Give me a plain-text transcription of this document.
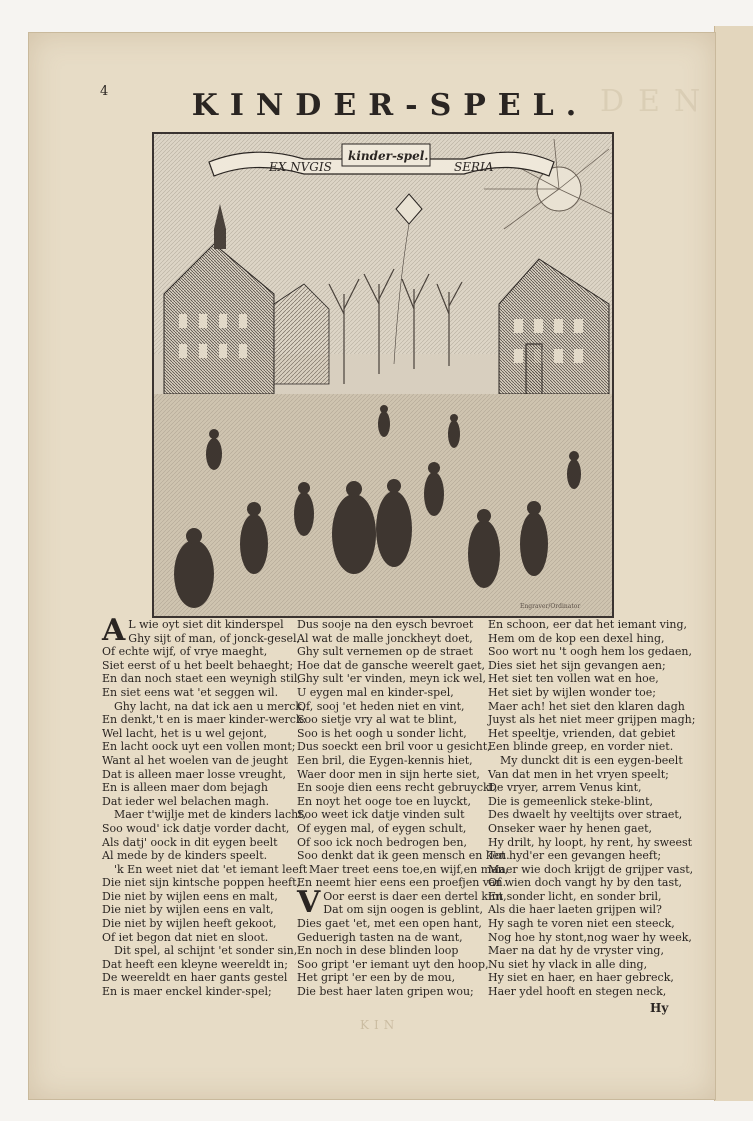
DEN
4	KINDER-SPEL.
EX NVGIS
kinder-spel.
SERIA
Engraver/Ordinator
A L wie oyt siet dit kinderspel
Ghy sijt of man, of jonck-gesel,
Of echte wijf, of vrye maeght,
Siet eerst of u het beelt behaeght;
En dan noch staet een weynigh stil,
En siet eens wat 'et seggen wil.
Ghy lacht, na dat ick aen u merck,
En denkt,'t en is maer kinder-werck:
Wel lacht, het is u wel gejont,
En lacht oock uyt een vollen mont;
Want al het woelen van de jeught
Dat is alleen maer losse vreught,
En is alleen maer dom bejagh
Dat ieder wel belachen magh.
Maer t'wijlje met de kinders lacht,
Soo woud' ick datje vorder dacht,
Als datj' oock in dit eygen beelt
Al mede by de kinders speelt.
'k En weet niet dat 'et iemant leeft
Die niet sijn kintsche poppen heeft,
Die niet by wijlen eens en malt,
Die niet by wijlen eens en valt,
Die niet by wijlen heeft gekoot,
Of iet begon dat niet en sloot.
Dit spel, al schijnt 'et sonder sin,
Dat heeft een kleyne weereldt in;
De weereldt en haer gants gestel
En is maer enckel kinder-spel;
Dus sooje na den eysch bevroet
Al wat de malle jonckheyt doet,
Ghy sult vernemen op de straet
Hoe dat de gansche weerelt gaet,
Ghy sult 'er vinden, meyn ick wel,
U eygen mal en kinder-spel,
Of, sooj 'et heden niet en vint,
Soo sietje vry al wat te blint,
Soo is het oogh u sonder licht,
Dus soeckt een bril voor u gesicht,
Een bril, die Eygen-kennis hiet,
Waer door men in sijn herte siet,
En sooje dien eens recht gebruyckt,
En noyt het ooge toe en luyckt,
Soo weet ick datje vinden sult
Of eygen mal, of eygen schult,
Of soo ick noch bedrogen ben,
Soo denkt dat ik geen mensch en ken.
Maer treet eens toe,en wijf,en man,
En neemt hier eens een proefjen van.
V Oor eerst is daer een dertel kint,
Dat om sijn oogen is geblint,
Dies gaet 'et, met een open hant,
Geduerigh tasten na de want,
En noch in dese blinden loop
Soo gript 'er iemant uyt den hoop,
Het gript 'er een by de mou,
Die best haer laten gripen wou;
En schoon, eer dat het iemant ving,
Hem om de kop een dexel hing,
Soo wort nu 't oogh hem los gedaen,
Dies siet het sijn gevangen aen;
Het siet ten vollen wat en hoe,
Het siet by wijlen wonder toe;
Maer ach! het siet den klaren dagh
Juyst als het niet meer grijpen magh;
Het speeltje, vrienden, dat gebiet
Een blinde greep, en vorder niet.
My dunckt dit is een eygen-beelt
Van dat men in het vryen speelt;
De vryer, arrem Venus kint,
Die is gemeenlick steke-blint,
Des dwaelt hy veeltijts over straet,
Onseker waer hy henen gaet,
Hy drilt, hy loopt, hy rent, hy sweest
Tot hyd'er een gevangen heeft;
Maer wie doch krijgt de grijper vast,
Of wien doch vangt hy by den tast,
En sonder licht, en sonder bril,
Als die haer laeten grijpen wil?
Hy sagh te voren niet een steeck,
Nog hoe hy stont,nog waer hy week,
Maer na dat hy de vryster ving,
Nu siet hy vlack in alle ding,
Hy siet en haer, en haer gebreck,
Haer ydel hooft en stegen neck,
Hy
KIN
